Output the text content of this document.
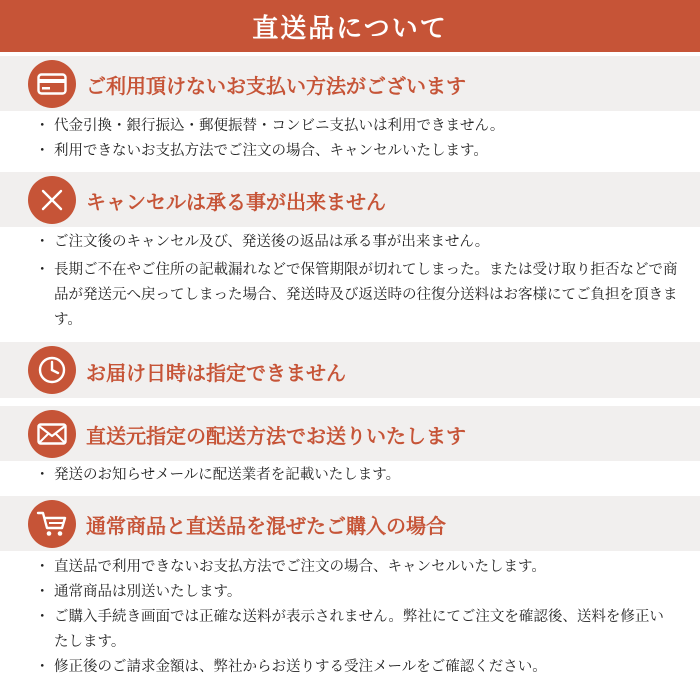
直送品について
ご利用頂けないお支払い方法がございます
・ 代金引換・銀行振込・郵便振替・コンビニ支払いは利用できません。
・ 利用できないお支払方法でご注文の場合、キャンセルいたします。
キャンセルは承る事が出来ません
・ ご注文後のキャンセル及び、発送後の返品は承る事が出来ません。
・ 長期ご不在やご住所の記載漏れなどで保管期限が切れてしまった。または受け取り拒否などで商品が発送元へ戻ってしまった場合、発送時及び返送時の往復分送料はお客様にてご負担を頂きます。
お届け日時は指定できません
直送元指定の配送方法でお送りいたします
・ 発送のお知らせメールに配送業者を記載いたします。
通常商品と直送品を混ぜたご購入の場合
・ 直送品で利用できないお支払方法でご注文の場合、キャンセルいたします。
・ 通常商品は別送いたします。
・ ご購入手続き画面では正確な送料が表示されません。弊社にてご注文を確認後、送料を修正いたします。
・ 修正後のご請求金額は、弊社からお送りする受注メールをご確認ください。
